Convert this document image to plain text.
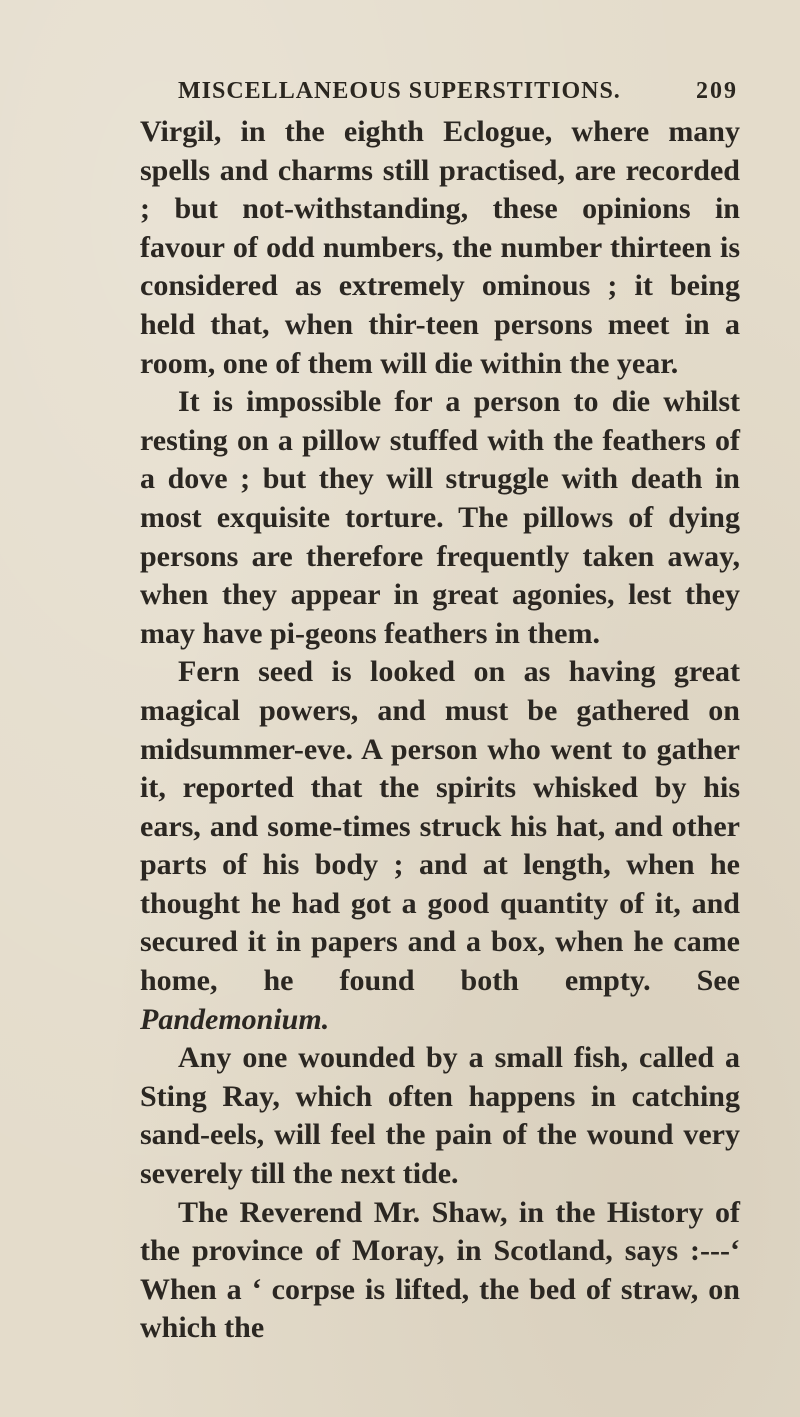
MISCELLANEOUS SUPERSTITIONS.	209

Virgil, in the eighth Eclogue, where many spells and charms still practised, are recorded ; but not-withstanding, these opinions in favour of odd numbers, the number thirteen is considered as extremely ominous ; it being held that, when thir-teen persons meet in a room, one of them will die within the year.

It is impossible for a person to die whilst resting on a pillow stuffed with the feathers of a dove ; but they will struggle with death in most exquisite torture. The pillows of dying persons are therefore frequently taken away, when they appear in great agonies, lest they may have pi-geons feathers in them.

Fern seed is looked on as having great magical powers, and must be gathered on midsummer-eve. A person who went to gather it, reported that the spirits whisked by his ears, and some-times struck his hat, and other parts of his body ; and at length, when he thought he had got a good quantity of it, and secured it in papers and a box, when he came home, he found both empty. See Pandemonium.

Any one wounded by a small fish, called a Sting Ray, which often happens in catching sand-eels, will feel the pain of the wound very severely till the next tide.

The Reverend Mr. Shaw, in the History of the province of Moray, in Scotland, says :---‘ When a ‘ corpse is lifted, the bed of straw, on which the
